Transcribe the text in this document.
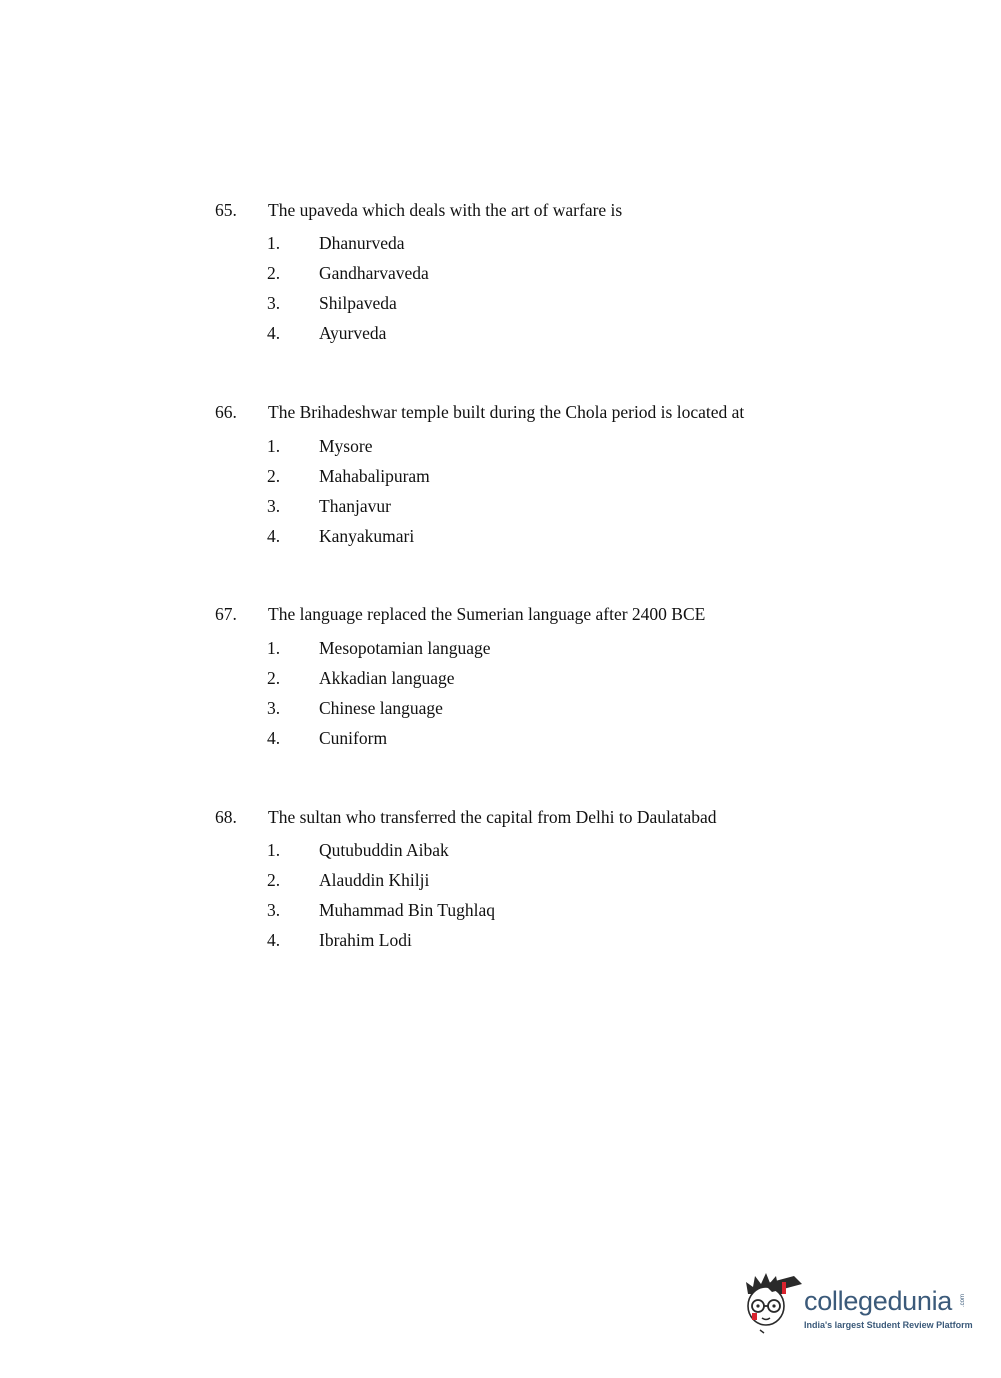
65. The upaveda which deals with the art of warfare is
1. Dhanurveda
2. Gandharvaveda
3. Shilpaveda
4. Ayurveda
66. The Brihadeshwar temple built during the Chola period is located at
1. Mysore
2. Mahabalipuram
3. Thanjavur
4. Kanyakumari
67. The language replaced the Sumerian language after 2400 BCE
1. Mesopotamian language
2. Akkadian language
3. Chinese language
4. Cuniform
68. The sultan who transferred the capital from Delhi to Daulatabad
1. Qutubuddin Aibak
2. Alauddin Khilji
3. Muhammad Bin Tughlaq
4. Ibrahim Lodi
collegedunia .com
India's largest Student Review Platform
